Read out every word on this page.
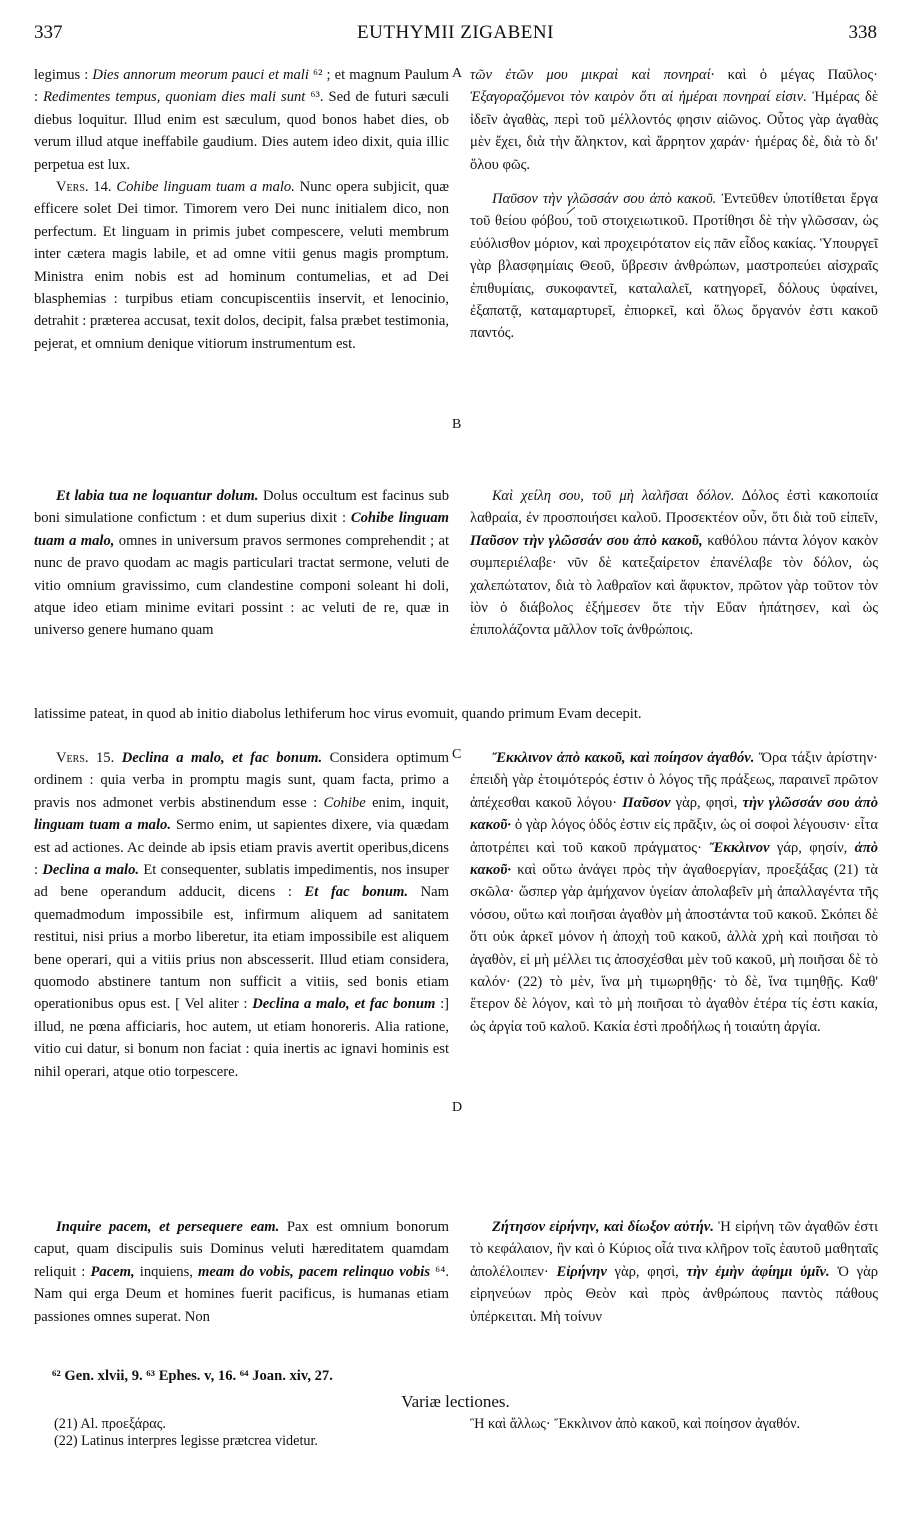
337	EUTHYMII ZIGABENI	338
A
B
C
D

legimus : Dies annorum meorum pauci et mali ⁶² ; et magnum Paulum : Redimentes tempus, quoniam dies mali sunt ⁶³. Sed de futuri sæculi diebus loquitur. Illud enim est sæculum, quod bonos habet dies, ob verum illud atque ineffabile gaudium. Dies autem ideo dixit, quia illic perpetua est lux.

Vers. 14. Cohibe linguam tuam a malo. Nunc opera subjicit, quæ efficere solet Dei timor. Timorem vero Dei nunc initialem dico, non perfectum. Et linguam in primis jubet compescere, veluti membrum inter cætera magis labile, et ad omne vitii genus magis promptum. Ministra enim nobis est ad hominum contumelias, et ad Dei blasphemias : turpibus etiam concupiscentiis inservit, et lenocinio, detrahit : præterea accusat, texit dolos, decipit, falsa præbet testimonia, pejerat, et omnium denique vitiorum instrumentum est.

τῶν ἐτῶν μου μικραὶ καὶ πονηραί· καὶ ὁ μέγας Παῦλος· Ἐξαγοραζόμενοι τὸν καιρὸν ὅτι αἱ ἡμέραι πονηραί εἰσιν. Ἡμέρας δὲ ἰδεῖν ἀγαθὰς, περὶ τοῦ μέλλοντός φησιν αἰῶνος. Οὗτος γὰρ ἀγαθὰς μὲν ἔχει, διὰ τὴν ἄληκτον, καὶ ἄρρητον χαράν· ἡμέρας δὲ, διὰ τὸ δι' ὅλου φῶς.

Παῦσον τὴν γλῶσσάν σου ἀπὸ κακοῦ. Ἐντεῦθεν ὑποτίθεται ἔργα τοῦ θείου φόβου, τοῦ στοιχειωτικοῦ. Προτίθησι δὲ τὴν γλῶσσαν, ὡς εὐόλισθον μόριον, καὶ προχειρότατον εἰς πᾶν εἶδος κακίας. Ὑπουργεῖ γὰρ βλασφημίαις Θεοῦ, ὕβρεσιν ἀνθρώπων, μαστροπεύει αἰσχραῖς ἐπιθυμίαις, συκοφαντεῖ, καταλαλεῖ, κατηγορεῖ, δόλους ὑφαίνει, ἐξαπατᾷ, καταμαρτυρεῖ, ἐπιορκεῖ, καὶ ὅλως ὄργανόν ἐστι κακοῦ παντός.

Et labia tua ne loquantur dolum. Dolus occultum est facinus sub boni simulatione confictum : et dum superius dixit : Cohibe linguam tuam a malo, omnes in universum pravos sermones comprehendit ; at nunc de pravo quodam ac magis particulari tractat sermone, veluti de vitio omnium gravissimo, cum clandestine componi soleant hi doli, atque ideo etiam minime evitari possint : ac veluti de re, quæ in universo genere humano quam

Καὶ χείλη σου, τοῦ μὴ λαλῆσαι δόλον. Δόλος ἐστὶ κακοποιία λαθραία, ἐν προσποιήσει καλοῦ. Προσεκτέον οὖν, ὅτι διὰ τοῦ εἰπεῖν, Παῦσον τὴν γλῶσσάν σου ἀπὸ κακοῦ, καθόλου πάντα λόγον κακὸν συμπεριέλαβε· νῦν δὲ κατεξαίρετον ἐπανέλαβε τὸν δόλον, ὡς χαλεπώτατον, διὰ τὸ λαθραῖον καὶ ἄφυκτον, πρῶτον γὰρ τοῦτον τὸν ἰὸν ὁ διάβολος ἐξήμεσεν ὅτε τὴν Εὔαν ἠπάτησεν, καὶ ὡς ἐπιπολάζοντα μᾶλλον τοῖς ἀνθρώποις.

latissime pateat, in quod ab initio diabolus lethiferum hoc virus evomuit, quando primum Evam decepit.

Vers. 15. Declina a malo, et fac bonum. Considera optimum ordinem : quia verba in promptu magis sunt, quam facta, primo a pravis nos admonet verbis abstinendum esse : Cohibe enim, inquit, linguam tuam a malo. Sermo enim, ut sapientes dixere, via quædam est ad actiones. Ac deinde ab ipsis etiam pravis avertit operibus,dicens : Declina a malo. Et consequenter, sublatis impedimentis, nos insuper ad bene operandum adducit, dicens : Et fac bonum. Nam quemadmodum impossibile est, infirmum aliquem ad sanitatem restitui, nisi prius a morbo liberetur, ita etiam impossibile est aliquem bene operari, qui a vitiis prius non abscesserit. Illud etiam considera, quomodo abstinere tantum non sufficit a vitiis, sed bonis etiam operationibus opus est. [ Vel aliter : Declina a malo, et fac bonum :] illud, ne pœna afficiaris, hoc autem, ut etiam honoreris. Alia ratione, vitio cui datur, si bonum non faciat : quia inertis ac ignavi hominis est nihil operari, atque otio torpescere.

Ἔκκλινον ἀπὸ κακοῦ, καὶ ποίησον ἀγαθόν. Ὅρα τάξιν ἀρίστην· ἐπειδὴ γὰρ ἑτοιμότερός ἐστιν ὁ λόγος τῆς πράξεως, παραινεῖ πρῶτον ἀπέχεσθαι κακοῦ λόγου· Παῦσον γὰρ, φησὶ, τὴν γλῶσσάν σου ἀπὸ κακοῦ· ὁ γὰρ λόγος ὁδός ἐστιν εἰς πρᾶξιν, ὡς οἱ σοφοὶ λέγουσιν· εἶτα ἀποτρέπει καὶ τοῦ κακοῦ πράγματος· Ἔκκλινον γάρ, φησίν, ἀπὸ κακοῦ· καὶ οὕτω ἀνάγει πρὸς τὴν ἀγαθοεργίαν, προεξάξας (21) τὰ σκῶλα· ὥσπερ γὰρ ἀμήχανον ὑγείαν ἀπολαβεῖν μὴ ἀπαλλαγέντα τῆς νόσου, οὕτω καὶ ποιῆσαι ἀγαθὸν μὴ ἀποστάντα τοῦ κακοῦ. Σκόπει δὲ ὅτι οὐκ ἀρκεῖ μόνον ἡ ἀποχὴ τοῦ κακοῦ, ἀλλὰ χρὴ καὶ ποιῆσαι τὸ ἀγαθὸν, εἰ μὴ μέλλει τις ἀποσχέσθαι μὲν τοῦ κακοῦ, μὴ ποιῆσαι δὲ τὸ καλόν· (22) τὸ μὲν, ἵνα μὴ τιμωρηθῇς· τὸ δὲ, ἵνα τιμηθῇς. Καθ' ἕτερον δὲ λόγον, καὶ τὸ μὴ ποιῆσαι τὸ ἀγαθὸν ἑτέρα τίς ἐστι κακία, ὡς ἀργία τοῦ καλοῦ. Κακία ἐστὶ προδήλως ἡ τοιαύτη ἀργία.

Inquire pacem, et persequere eam. Pax est omnium bonorum caput, quam discipulis suis Dominus veluti hæreditatem quamdam reliquit : Pacem, inquiens, meam do vobis, pacem relinquo vobis ⁶⁴. Nam qui erga Deum et homines fuerit pacificus, is humanas etiam passiones omnes superat. Non

Ζήτησον εἰρήνην, καὶ δίωξον αὐτήν. Ἡ εἰρήνη τῶν ἀγαθῶν ἐστι τὸ κεφάλαιον, ἣν καὶ ὁ Κύριος οἷά τινα κλῆρον τοῖς ἑαυτοῦ μαθηταῖς ἀπολέλοιπεν· Εἰρήνην γὰρ, φησὶ, τὴν ἐμὴν ἀφίημι ὑμῖν. Ὁ γὰρ εἰρηνεύων πρὸς Θεὸν καὶ πρὸς ἀνθρώπους παντὸς πάθους ὑπέρκειται. Μὴ τοίνυν

⁶² Gen. xlvii, 9. ⁶³ Ephes. v, 16. ⁶⁴ Joan. xiv, 27.
Variæ lectiones.

(21) Al. προεξάρας.

(22) Latinus interpres legisse prætcrea videtur.

Ἢ καὶ ἄλλως· Ἔκκλινον ἀπὸ κακοῦ, καὶ ποίησον ἀγαθόν.
